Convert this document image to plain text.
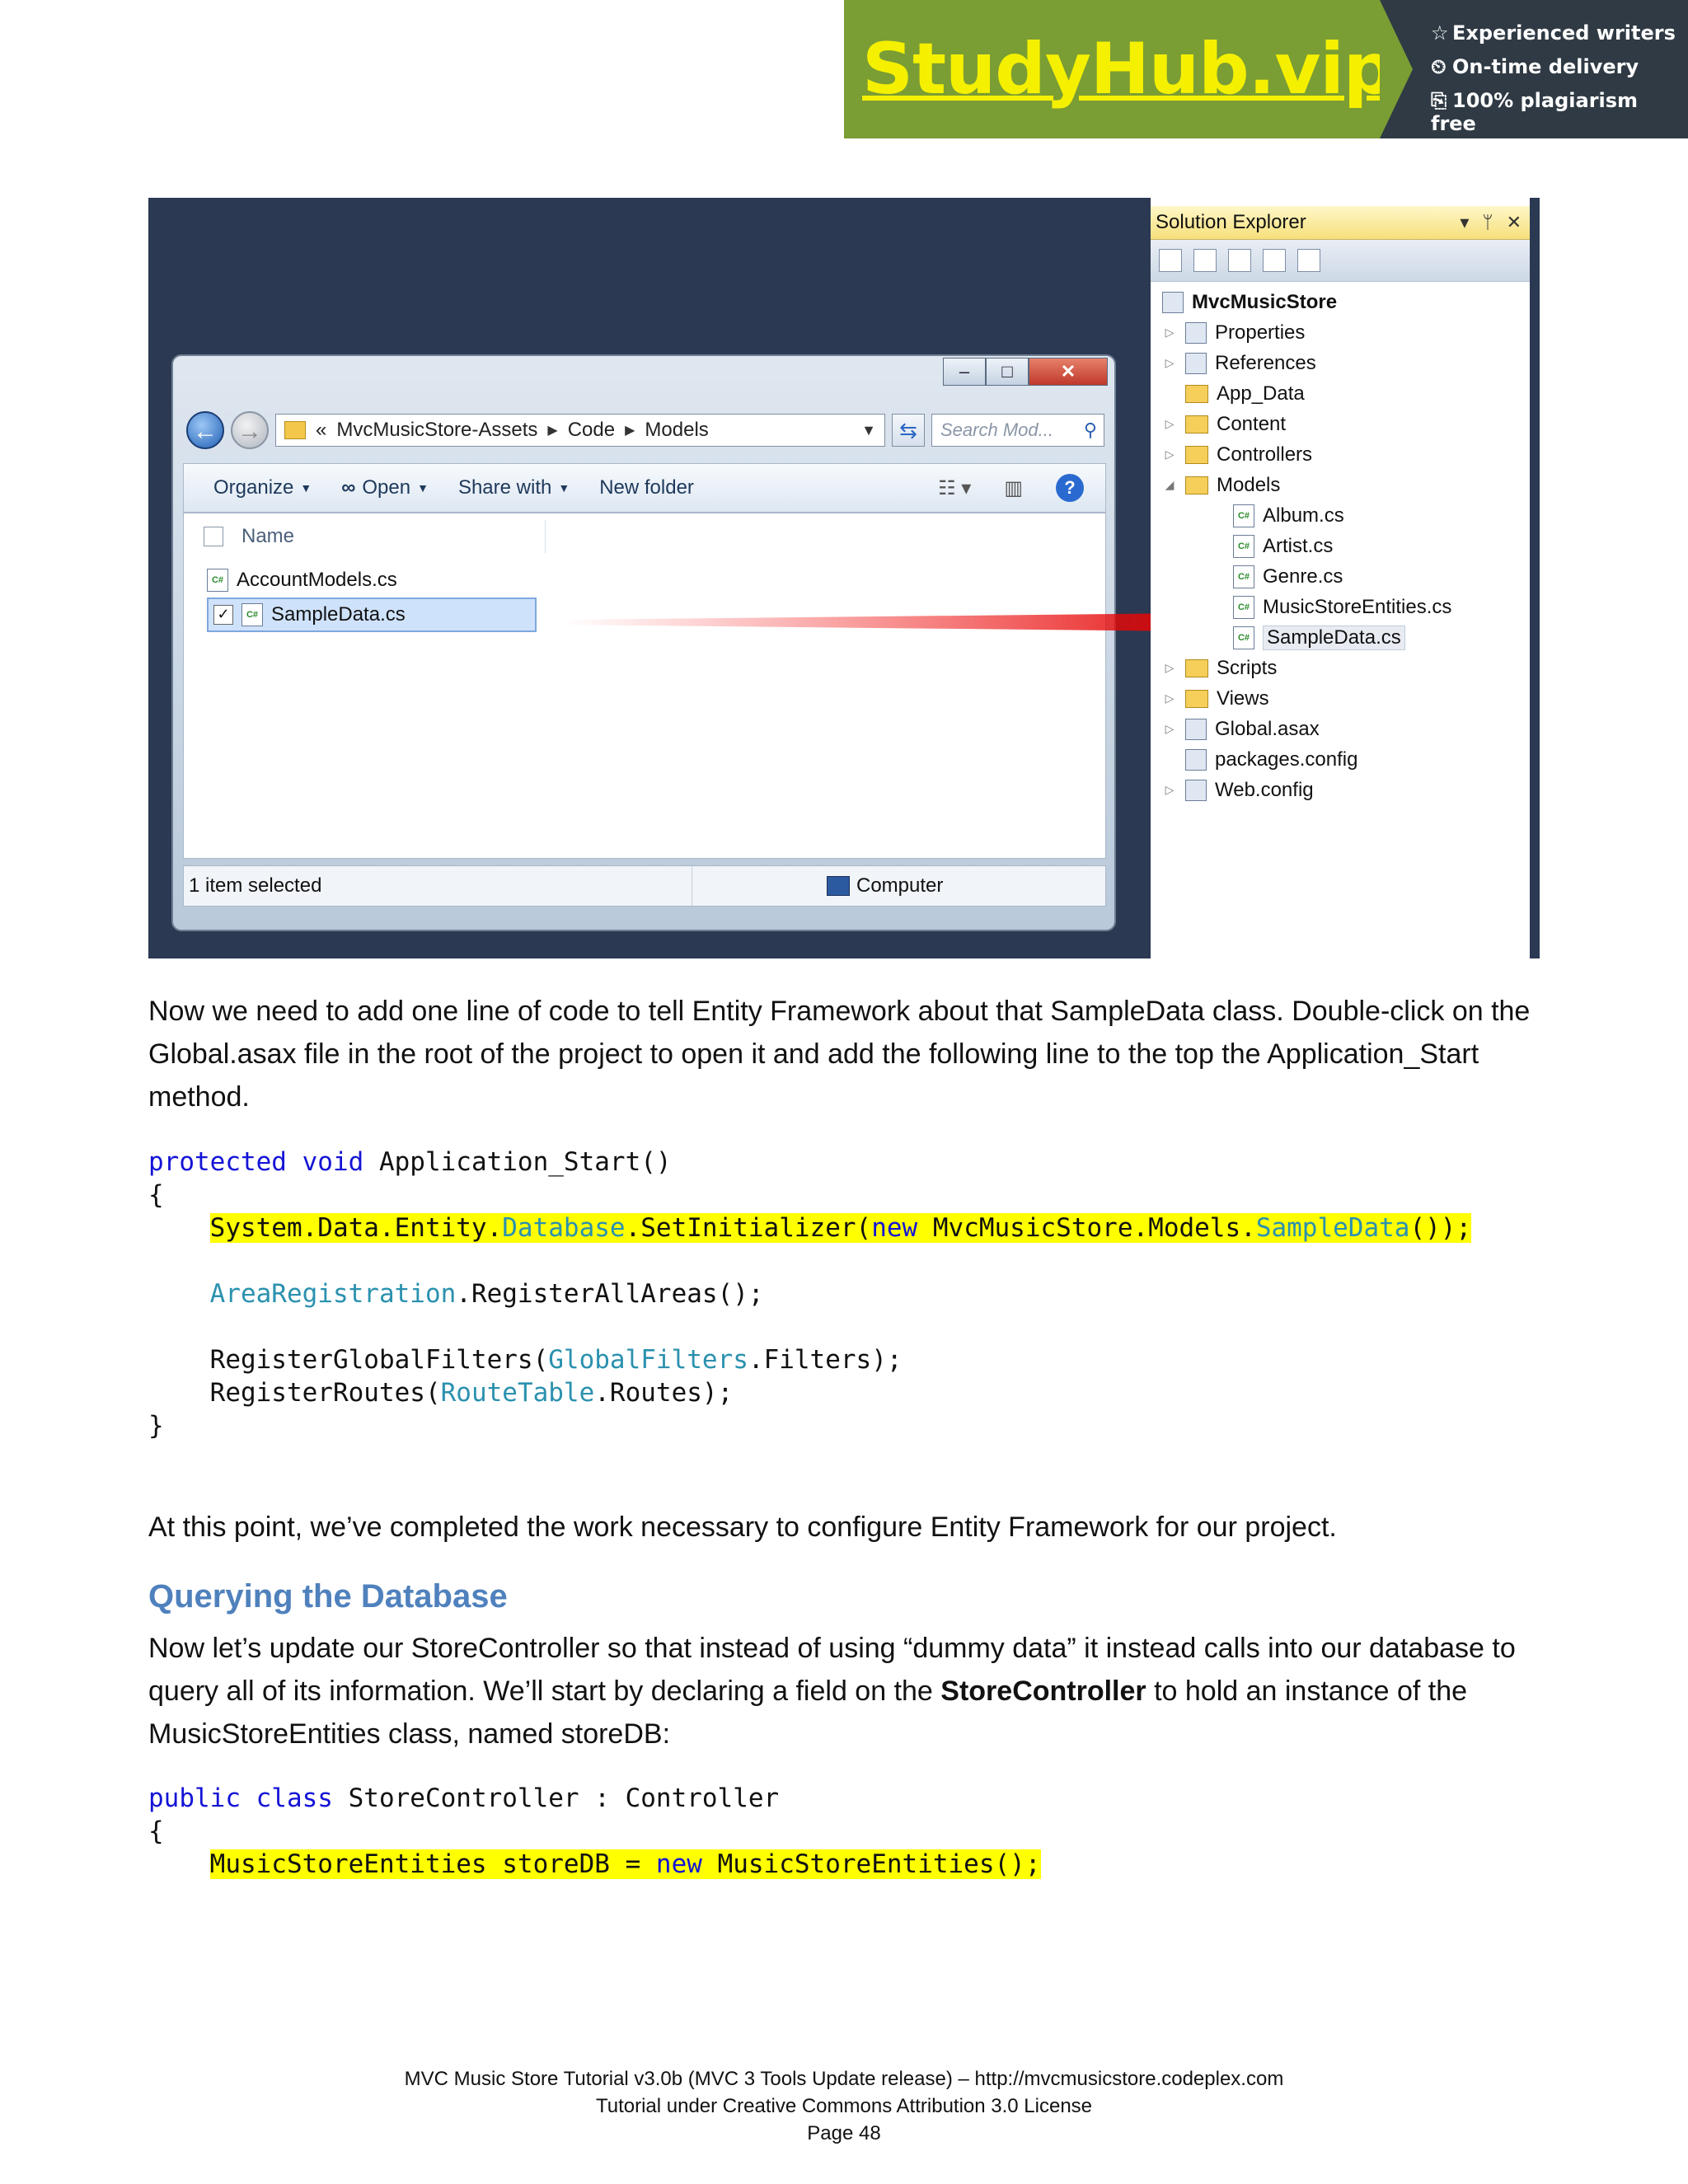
StudyHub.vip ☆ Experienced writers
⏲ On-time delivery
⎘ 100% plagiarism free
–	□	✕
← →	« MvcMusicStore-Assets ▶ Code ▶ Models	▼	⇆	Search Mod... ⚲
Organize ▼ ∞ Open ▼ Share with ▼ New folder	☷ ▾ ▥	?
Name
C# AccountModels.cs
✓	C# SampleData.cs
1 item selected	Computer
Solution Explorer	▾ ᛘ ✕
MvcMusicStore
▷ Properties
▷ References
App_Data
▷ Content
▷ Controllers
◢ Models
C# Album.cs
C# Artist.cs
C# Genre.cs
C# MusicStoreEntities.cs
C# SampleData.cs
▷ Scripts
▷ Views
▷ Global.asax
packages.config
▷ Web.config
Now we need to add one line of code to tell Entity Framework about that SampleData class. Double-click on the
Global.asax file in the root of the project to open it and add the following line to the top the Application_Start
method.
protected void Application_Start()
{
System.Data.Entity.Database.SetInitializer(new MvcMusicStore.Models.SampleData());

AreaRegistration.RegisterAllAreas();

RegisterGlobalFilters(GlobalFilters.Filters);
RegisterRoutes(RouteTable.Routes);
}
At this point, we’ve completed the work necessary to configure Entity Framework for our project.
Querying the Database
Now let’s update our StoreController so that instead of using “dummy data” it instead calls into our database to
query all of its information. We’ll start by declaring a field on the StoreController to hold an instance of the
MusicStoreEntities class, named storeDB:
public class StoreController : Controller
{
MusicStoreEntities storeDB = new MusicStoreEntities();
MVC Music Store Tutorial v3.0b (MVC 3 Tools Update release) – http://mvcmusicstore.codeplex.com
Tutorial under Creative Commons Attribution 3.0 License
Page 48
